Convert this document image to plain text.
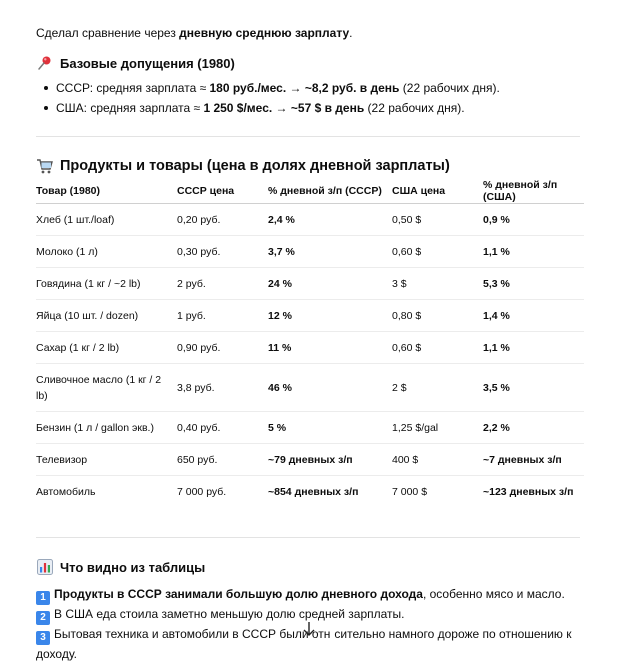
Сделал сравнение через дневную среднюю зарплату.
Базовые допущения (1980)
СССР: средняя зарплата ≈ 180 руб./мес. → ~8,2 руб. в день (22 рабочих дня).
США: средняя зарплата ≈ 1 250 $/мес. → ~57 $ в день (22 рабочих дня).
Продукты и товары (цена в долях дневной зарплаты)
Товар (1980)	СССР цена	% дневной з/п (СССР)	США цена	% дневной з/п (США)
Хлеб (1 шт./loaf)	0,20 руб.	2,4 %	0,50 $	0,9 %
Молоко (1 л)	0,30 руб.	3,7 %	0,60 $	1,1 %
Говядина (1 кг / ~2 lb)	2 руб.	24 %	3 $	5,3 %
Яйца (10 шт. / dozen)	1 руб.	12 %	0,80 $	1,4 %
Сахар (1 кг / 2 lb)	0,90 руб.	11 %	0,60 $	1,1 %
Сливочное масло (1 кг / 2 lb)	3,8 руб.	46 %	2 $	3,5 %
Бензин (1 л / gallon экв.)	0,40 руб.	5 %	1,25 $/gal	2,2 %
Телевизор	650 руб.	~79 дневных з/п	400 $	~7 дневных з/п
Автомобиль	7 000 руб.	~854 дневных з/п	7 000 $	~123 дневных з/п
Что видно из таблицы
1 Продукты в СССР занимали большую долю дневного дохода, особенно мясо и масло.
2 В США еда стоила заметно меньшую долю средней зарплаты.
3 Бытовая техника и автомобили в СССР были отн сительно намного дороже по отношению к
доходу.
